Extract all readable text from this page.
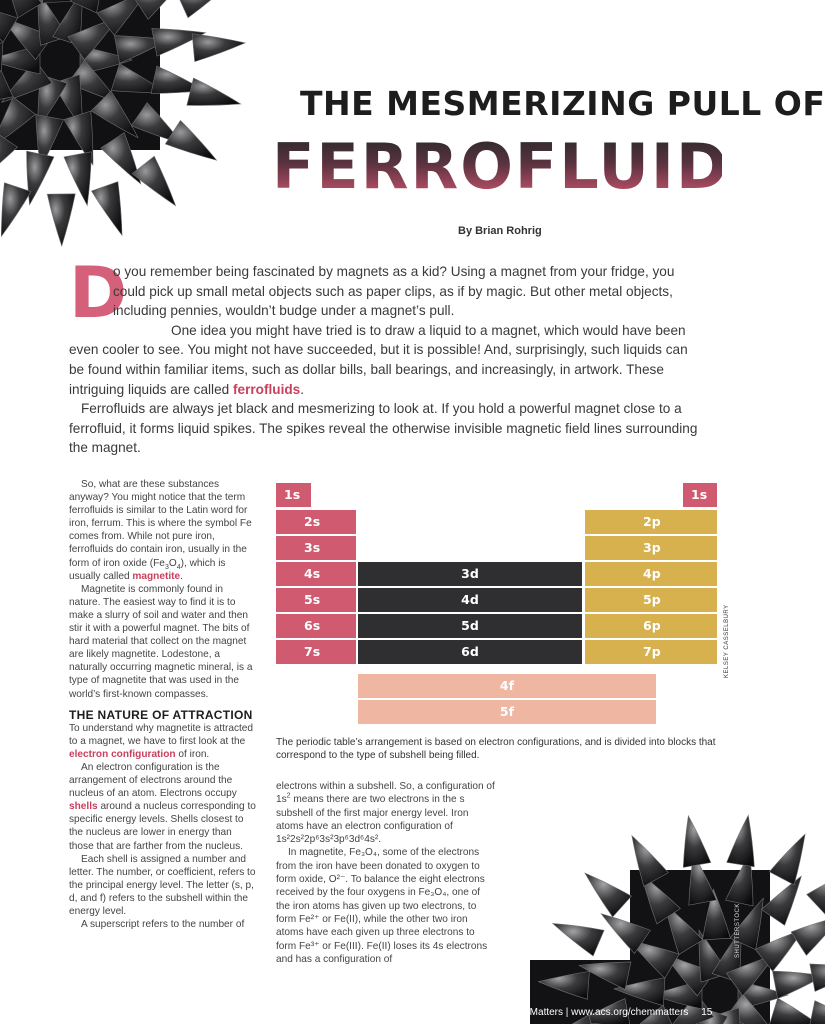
THE MESMERIZING PULL OF
FERROFLUIDS
By Brian Rohrig
D

o you remember being fascinated by magnets as a kid? Using a magnet from your fridge, you could pick up small metal objects such as paper clips, as if by magic. But other metal objects, including pennies, wouldn’t budge under a magnet’s pull.

One idea you might have tried is to draw a liquid to a magnet, which would have been even cooler to see. You might not have succeeded, but it is possible! And, surprisingly, such liquids can be found within familiar items, such as dollar bills, ball bearings, and increasingly, in artwork. These intriguing liquids are called ferrofluids.

Ferrofluids are always jet black and mesmerizing to look at. If you hold a powerful magnet close to a ferrofluid, it forms liquid spikes. The spikes reveal the otherwise invisible magnetic field lines surrounding the magnet.

So, what are these substances anyway? You might notice that the term ferrofluids is similar to the Latin word for iron, ferrum. This is where the symbol Fe comes from. While not pure iron, ferrofluids do contain iron, usually in the form of iron oxide $(Fe_3O_4)$, which is usually called magnetite.

Magnetite is commonly found in nature. The easiest way to find it is to make a slurry of soil and water and then stir it with a powerful magnet. The bits of hard material that collect on the magnet are likely magnetite. Lodestone, a naturally occurring magnetic mineral, is a type of magnetite that was used in the world’s first-known compasses.

THE NATURE OF ATTRACTION

To understand why magnetite is attracted to a magnet, we have to first look at the electron configuration of iron.

An electron configuration is the arrangement of electrons around the nucleus of an atom. Electrons occupy shells around a nucleus corresponding to specific energy levels. Shells closest to the nucleus are lower in energy than those that are farther from the nucleus.

Each shell is assigned a number and letter. The number, or coefficient, refers to the principal energy level. The letter (s, p, d, and f) refers to the subshell within the energy level.

A superscript refers to the number of

1s
2s
3s
4s
5s
6s
7s
3d
4d
5d
6d
1s
2p
3p
4p
5p
6p
7p
4f
5f
The periodic table’s arrangement is based on electron configurations, and is divided into blocks that correspond to the type of subshell being filled.
KELSEY CASSELBURY

electrons within a subshell. So, a configuration of $1s^2$ means there are two electrons in the s subshell of the first major energy level. Iron atoms have an electron configuration of 1s²2s²2p⁶3s²3p⁶3d⁶4s².

In magnetite, Fe₃O₄, some of the electrons from the iron have been donated to oxygen to form oxide, O²⁻. To balance the eight electrons received by the four oxygens in Fe₃O₄, one of the iron atoms has given up two electrons, to form Fe²⁺ or Fe(II), while the other two iron atoms have each given up three electrons to form Fe³⁺ or Fe(III). Fe(II) loses its 4s electrons and has a configuration of

SHUTTERSTOCK
ChemMatters | www.acs.org/chemmatters 15
